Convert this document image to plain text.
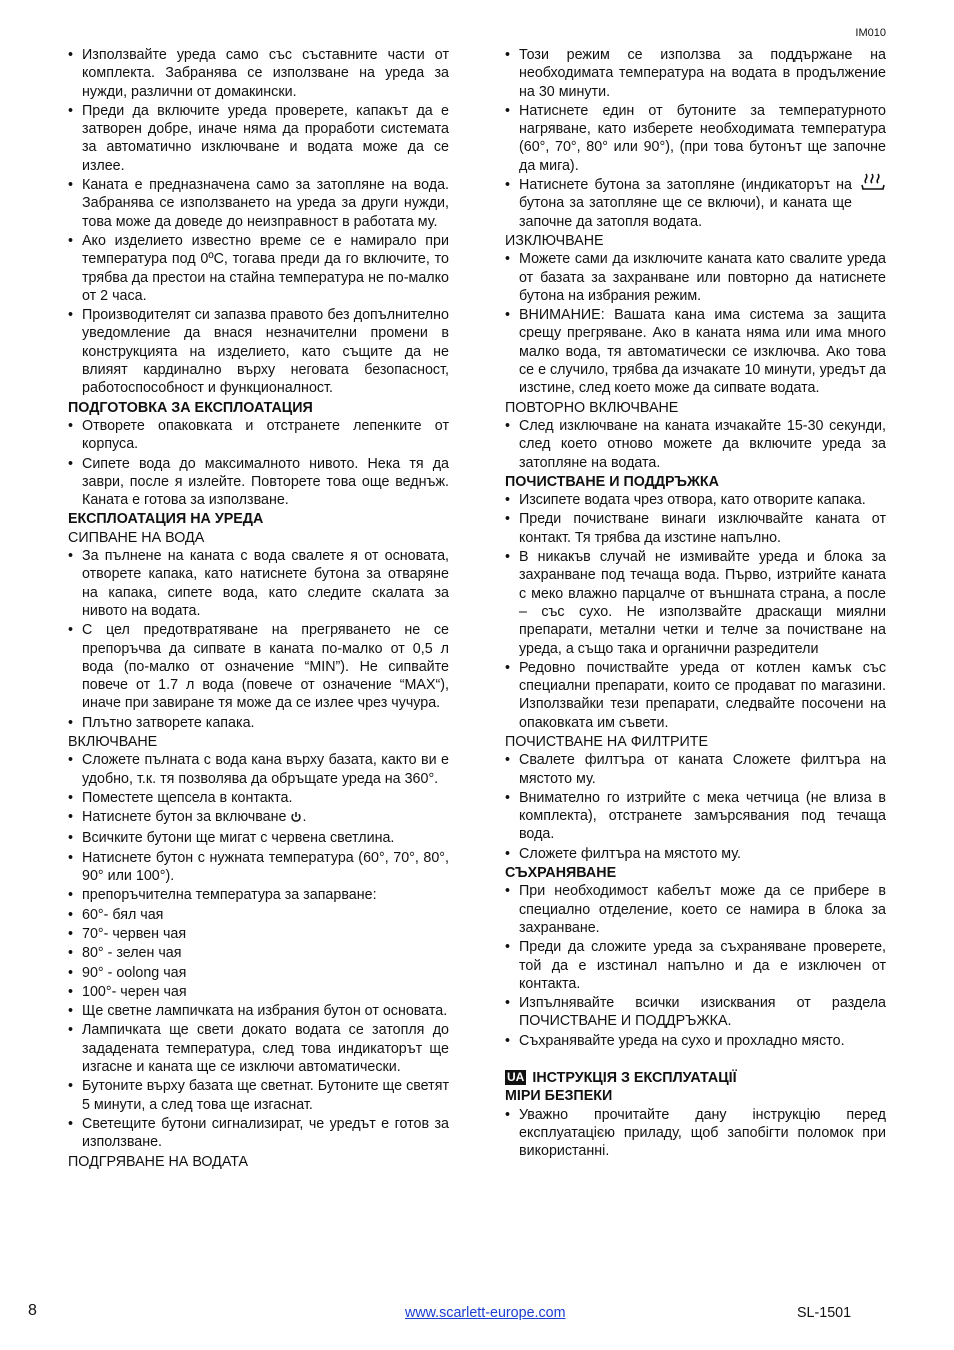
IM010
• Използвайте уреда само със съставните части от комплекта. Забранява се използване на уреда за нужди, различни от домакински.
• Преди да включите уреда проверете, капакът да е затворен добре, иначе няма да проработи системата за автоматично изключване и водата може да се излее.
• Каната е предназначена само за затопляне на вода. Забранява се използването на уреда за други нужди, това може да доведе до неизправност в работата му.
• Ако изделието известно време се е намирало при температура под 0ºС, тогава преди да го включите, то трябва да престои на стайна температура не по-малко от 2 часа.
• Производителят си запазва правото без допълнително уведомление да внася незначителни промени в конструкцията на изделието, като същите да не влияят кардинално върху неговата безопасност, работоспособност и функционалност.
ПОДГОТОВКА ЗА ЕКСПЛОАТАЦИЯ
• Отворете опаковката и отстранете лепенките от корпуса.
• Сипете вода до максималното нивото. Нека тя да заври, после я излейте. Повторете това още веднъж. Каната е готова за използване.
ЕКСПЛОАТАЦИЯ НА УРЕДА
СИПВАНЕ НА ВОДА
• За пълнене на каната с вода свалете я от основата, отворете капака, като натиснете бутона за отваряне на капака, сипете вода, като следите скалата за нивото на водата.
• С цел предотвратяване на прегряването не се препоръчва да сипвате в каната по-малко от 0,5 л вода (по-малко от означение “MIN”). Не сипвайте повече от 1.7 л вода (повече от означение “MAX“), иначе при завиране тя може да се излее чрез чучура.
• Плътно затворете капака.
ВКЛЮЧВАНЕ
• Сложете пълната с вода кана върху базата, както ви е удобно, т.к. тя позволява да обръщате уреда на 360°.
• Поместете щепсела в контакта.
• Натиснете бутон за включване .
• Всичките бутони ще мигат с червена светлина.
• Натиснете бутон с нужната температура (60°, 70°, 80°, 90° или 100°).
• препоръчителна температура за запарване:
• 60°- бял чая
• 70°- червен чая
• 80° - зелен чая
• 90° - oolong чая
• 100°- черен чая
• Ще светне лампичката на избрания бутон от основата.
• Лампичката ще свети докато водата се затопля до зададената температура, след това индикаторът ще изгасне и каната ще се изключи автоматически.
• Бутоните върху базата ще светнат. Бутоните ще светят 5 минути, а след това ще изгаснат.
• Светещите бутони сигнализират, че уредът е готов за използване.
ПОДГРЯВАНЕ НА ВОДАТА
• Този режим се използва за поддържане на необходимата температура на водата в продължение на 30 минути.
• Натиснете един от бутоните за температурното нагряване, като изберете необходимата температура (60°, 70°, 80° или 90°), (при това бутонът ще започне да мига).
• Натиснете бутона за затопляне (индикаторът на бутона за затопляне ще се включи), и каната ще започне да затопля водата.
ИЗКЛЮЧВАНЕ
• Можете сами да изключите каната като свалите уреда от базата за захранване или повторно да натиснете бутона на избрания режим.
• ВНИМАНИЕ: Вашата кана има система за защита срещу прегряване. Ако в каната няма или има много малко вода, тя автоматически се изключва. Ако това се е случило, трябва да изчакате 10 минути, уредът да изстине, след което може да сипвате водата.
ПОВТОРНО ВКЛЮЧВАНЕ
• След изключване на каната изчакайте 15-30 секунди, след което отново можете да включите уреда за затопляне на водата.
ПОЧИСТВАНЕ И ПОДДРЪЖКА
• Изсипете водата чрез отвора, като отворите капака.
• Преди почистване винаги изключвайте каната от контакт. Тя трябва да изстине напълно.
• В никакъв случай не измивайте уреда и блока за захранване под течаща вода. Първо, изтрийте каната с меко влажно парцалче от външната страна, а после – със сухо. Не използвайте драскащи миялни препарати, метални четки и телче за почистване на уреда, а също така и органични разредители
• Редовно почиствайте уреда от котлен камък със специални препарати, които се продават по магазини. Използвайки тези препарати, следвайте посочени на опаковката им съвети.
ПОЧИСТВАНЕ НА ФИЛТРИТЕ
• Свалете филтъра от каната Сложете филтъра на мястото му.
• Внимателно го изтрийте с мека четчица (не влиза в комплекта), отстранете замърсявания под течаща вода.
• Сложете филтъра на мястото му.
СЪХРАНЯВАНЕ
• При необходимост кабелът може да се прибере в специално отделение, което се намира в блока за захранване.
• Преди да сложите уреда за съхраняване проверете, той да е изстинал напълно и да е изключен от контакта.
• Изпълнявайте всички изисквания от раздела ПОЧИСТВАНЕ И ПОДДРЪЖКА.
• Съхранявайте уреда на сухо и прохладно място.
UA ІНСТРУКЦІЯ З ЕКСПЛУАТАЦІЇ
МІРИ БЕЗПЕКИ
• Уважно прочитайте дану інструкцію перед експлуатацією приладу, щоб запобігти поломок при використанні.
8	www.scarlett-europe.com	SL-1501
